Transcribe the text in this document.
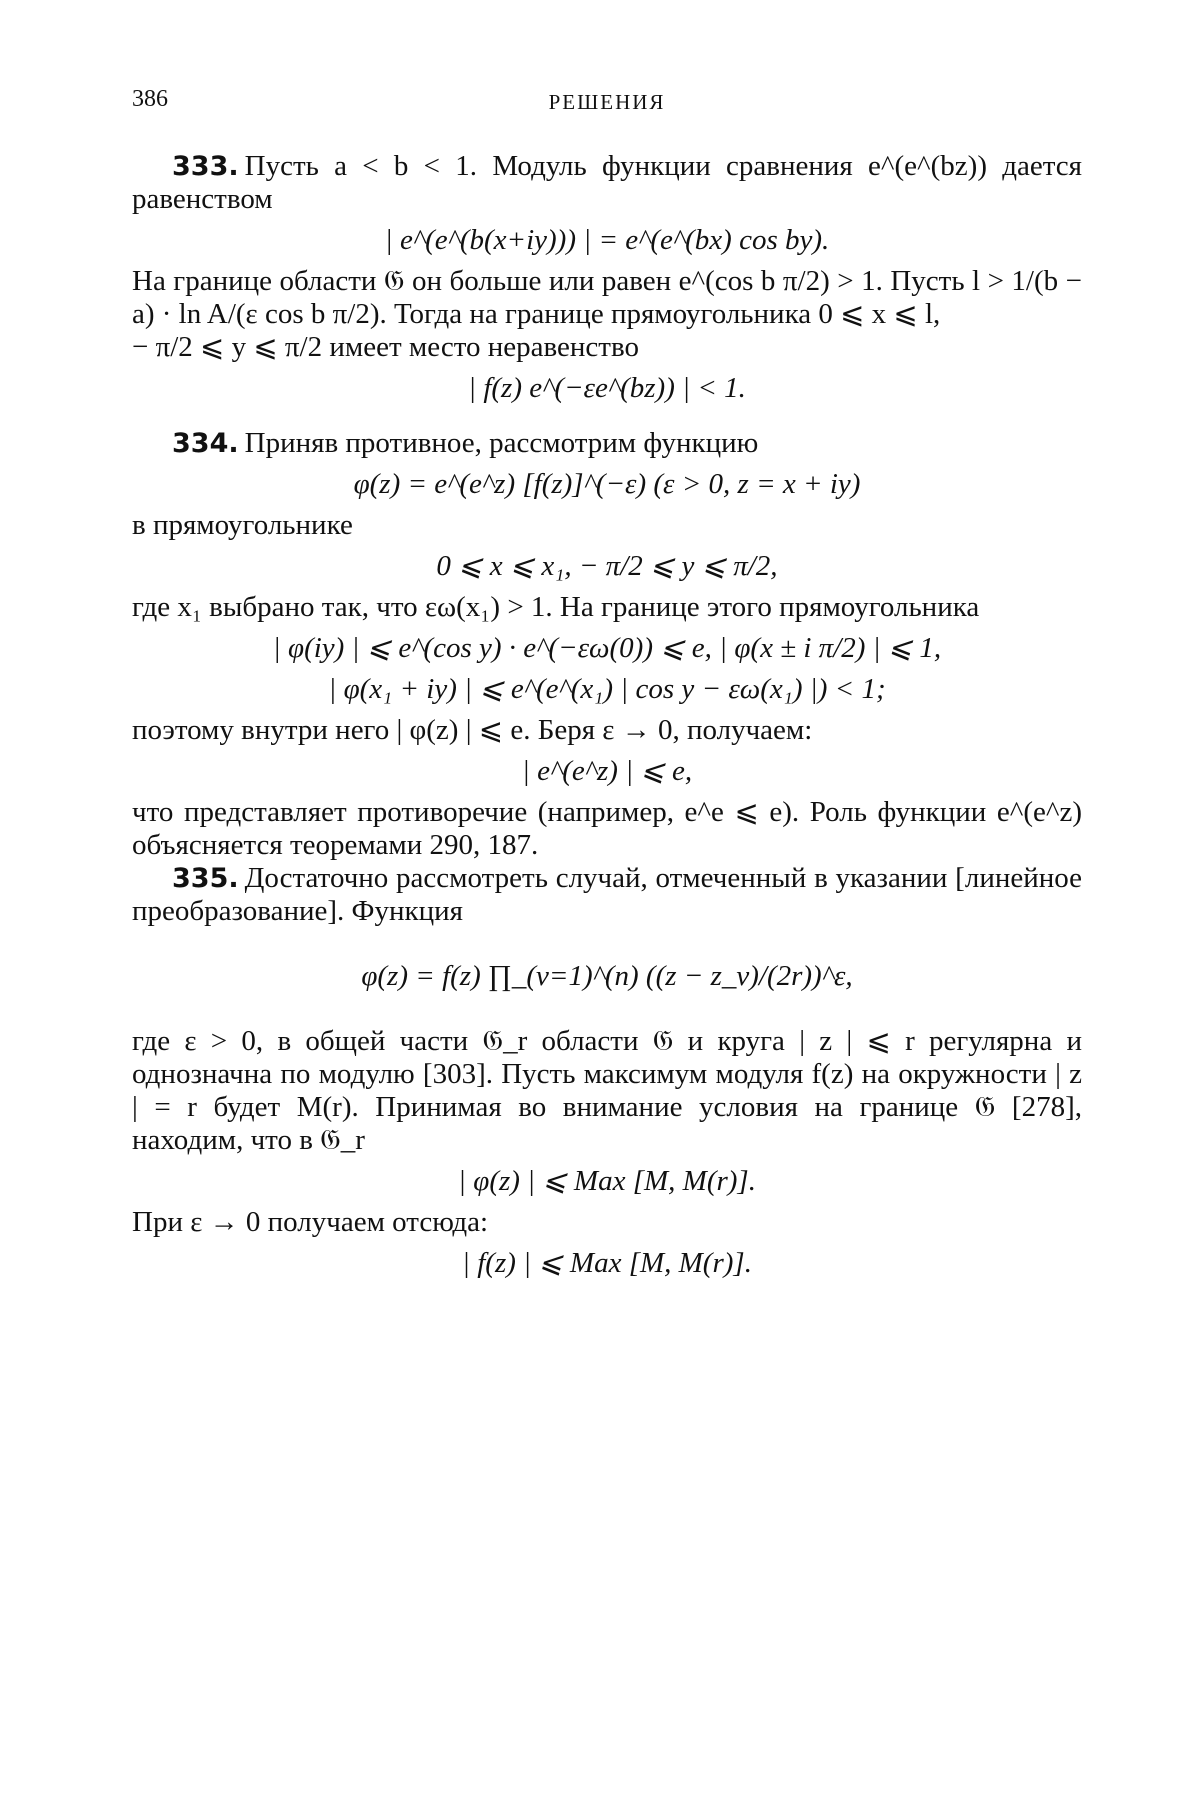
386	РЕШЕНИЯ

333. Пусть a < b < 1. Модуль функции сравнения e^(e^(bz)) дается равенством

| e^(e^(b(x+iy))) | = e^(e^(bx) cos by).

На границе области 𝔊 он больше или равен e^(cos b π/2) > 1. Пусть l > 1/(b − a) · ln A/(ε cos b π/2). Тогда на границе прямоугольника 0 ⩽ x ⩽ l,

− π/2 ⩽ y ⩽ π/2 имеет место неравенство

| f(z) e^(−εe^(bz)) | < 1.

334. Приняв противное, рассмотрим функцию

φ(z) = e^(e^z) [f(z)]^(−ε) (ε > 0, z = x + iy)

в прямоугольнике

0 ⩽ x ⩽ x₁, − π/2 ⩽ y ⩽ π/2,

где x₁ выбрано так, что εω(x₁) > 1. На границе этого прямоугольника

| φ(iy) | ⩽ e^(cos y) · e^(−εω(0)) ⩽ e, | φ(x ± i π/2) | ⩽ 1,
| φ(x₁ + iy) | ⩽ e^(e^(x₁) | cos y − εω(x₁) |) < 1;

поэтому внутри него | φ(z) | ⩽ e. Беря ε → 0, получаем:

| e^(e^z) | ⩽ e,

что представляет противоречие (например, e^e ⩽ e). Роль функции e^(e^z) объясняется теоремами 290, 187.

335. Достаточно рассмотреть случай, отмеченный в указании [линейное преобразование]. Функция

φ(z) = f(z) ∏_(ν=1)^(n) ((z − z_ν)/(2r))^ε,

где ε > 0, в общей части 𝔊_r области 𝔊 и круга | z | ⩽ r регулярна и однозначна по модулю [303]. Пусть максимум модуля f(z) на окружности | z | = r будет M(r). Принимая во внимание условия на границе 𝔊 [278], находим, что в 𝔊_r

| φ(z) | ⩽ Max [M, M(r)].

При ε → 0 получаем отсюда:

| f(z) | ⩽ Max [M, M(r)].
